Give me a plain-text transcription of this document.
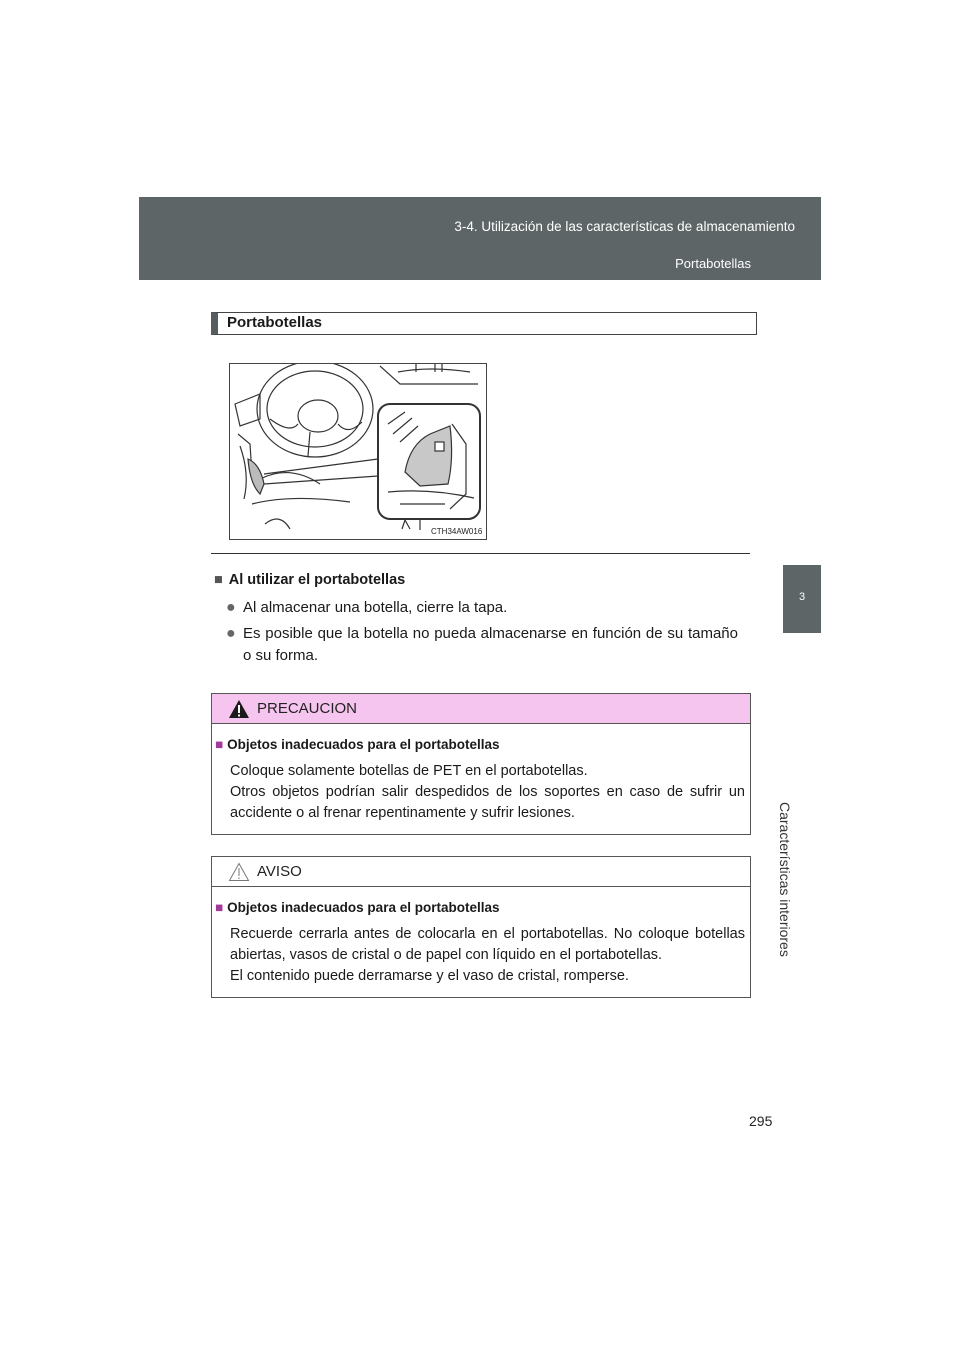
3-4. Utilización de las características de almacenamiento
Portabotellas
3
Características interiores
Portabotellas
CTH34AW016
■ Al utilizar el portabotellas
● Al almacenar una botella, cierre la tapa.
● Es posible que la botella no pueda almacenarse en función de su tamaño o su forma.
PRECAUCION
■ Objetos inadecuados para el portabotellas

Coloque solamente botellas de PET en el portabotellas.

Otros objetos podrían salir despedidos de los soportes en caso de sufrir un accidente o al frenar repentinamente y sufrir lesiones.

AVISO
■ Objetos inadecuados para el portabotellas

Recuerde cerrarla antes de colocarla en el portabotellas. No coloque botellas abiertas, vasos de cristal o de papel con líquido en el portabotellas.

El contenido puede derramarse y el vaso de cristal, romperse.

295
